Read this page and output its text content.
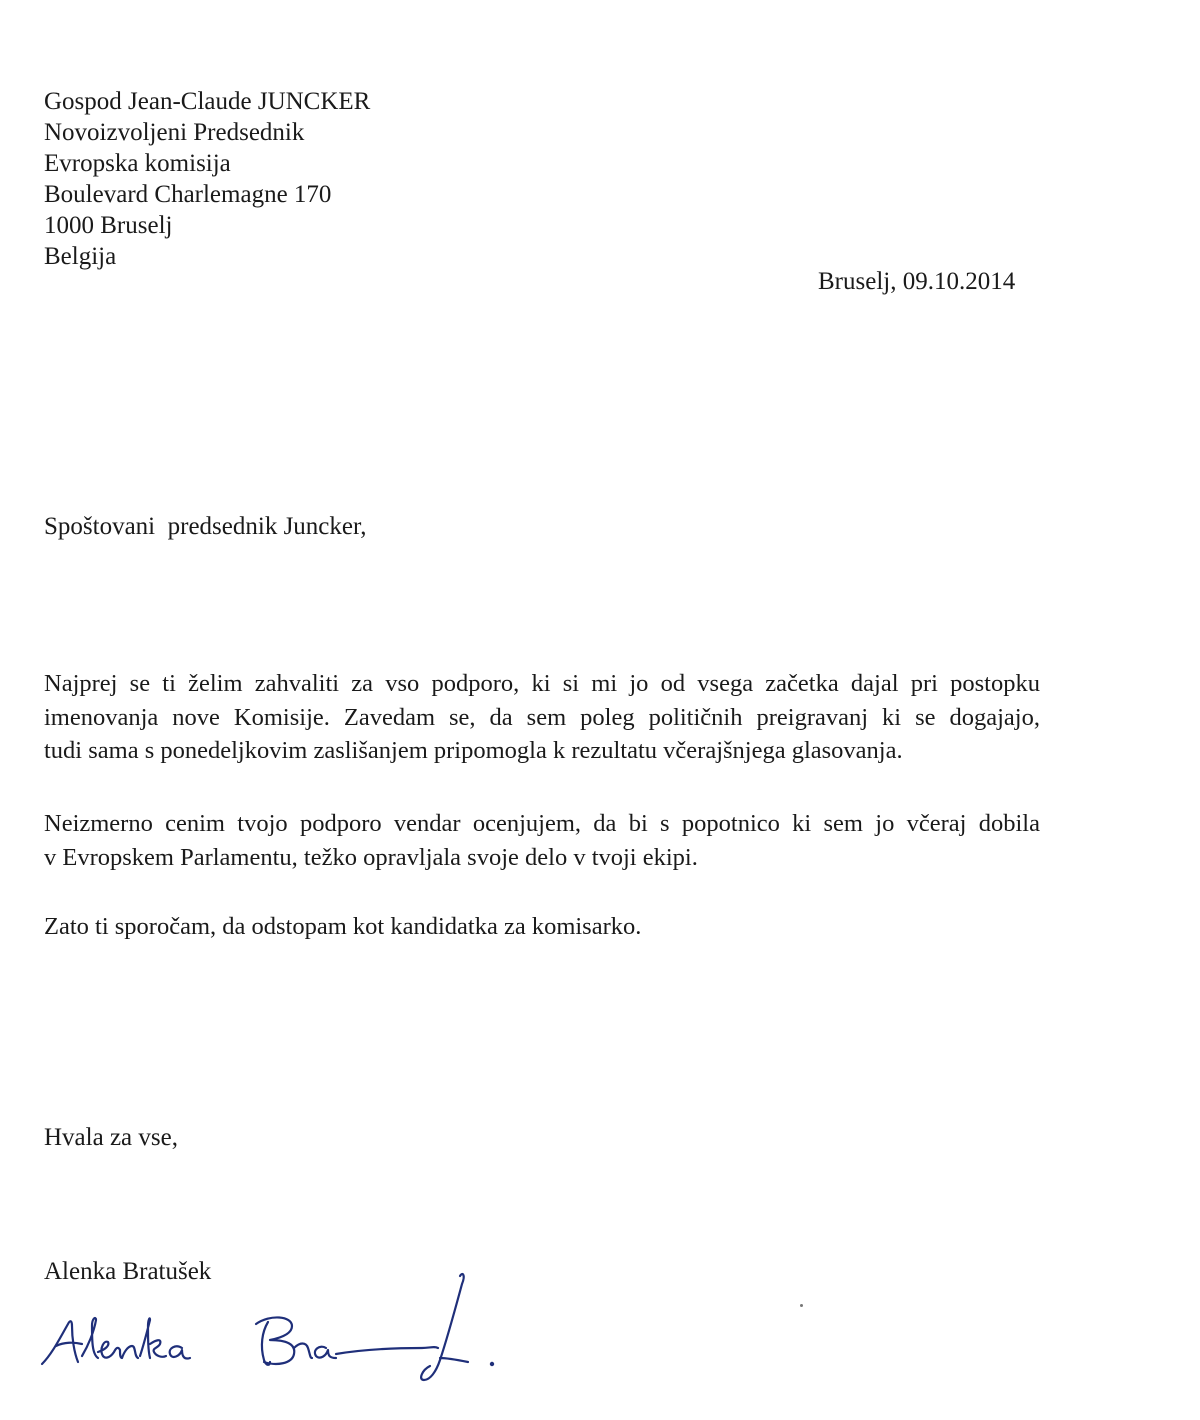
Gospod Jean-Claude JUNCKER
Novoizvoljeni Predsednik
Evropska komisija
Boulevard Charlemagne 170
1000 Bruselj
Belgija
Bruselj, 09.10.2014
Spoštovani  predsednik Juncker,
Najprej se ti želim zahvaliti za vso podporo, ki si mi jo od vsega začetka dajal pri postopku
imenovanja nove Komisije. Zavedam se, da sem poleg političnih preigravanj ki se dogajajo,
tudi sama s ponedeljkovim zaslišanjem pripomogla k rezultatu včerajšnjega glasovanja.
Neizmerno cenim tvojo podporo vendar ocenjujem, da bi s popotnico ki sem jo včeraj dobila
v Evropskem Parlamentu, težko opravljala svoje delo v tvoji ekipi.
Zato ti sporočam, da odstopam kot kandidatka za komisarko.
Hvala za vse,
Alenka Bratušek
